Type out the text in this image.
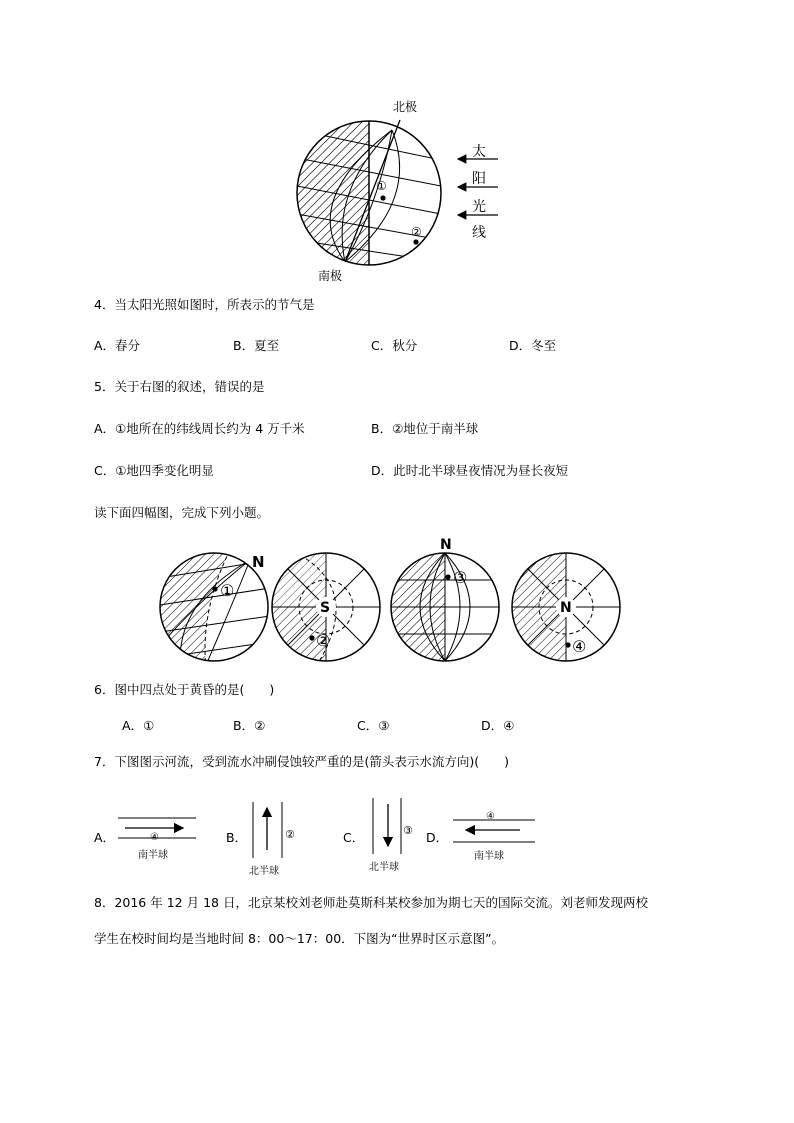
①
②
北极
南极
太
阳
光
线
4．当太阳光照如图时，所表示的节气是
A．春分	B．夏至	C．秋分	D．冬至
5．关于右图的叙述，错误的是
A．①地所在的纬线周长约为 4 万千米	B．②地位于南半球
C．①地四季变化明显	D．此时北半球昼夜情况为昼长夜短
读下面四幅图，完成下列小题。
①
N
S
②
③
N
N
④
6．图中四点处于黄昏的是(　　)
A．①	B．②	C．③	D．④
7．下图图示河流，受到流水冲刷侵蚀较严重的是(箭头表示水流方向)(　　)
A．	④
南半球
B．	②
北半球
C．	③
北半球
D．
④
南半球
8．2016 年 12 月 18 日，北京某校刘老师赴莫斯科某校参加为期七天的国际交流。刘老师发现两校
学生在校时间均是当地时间 8：00～17：00．下图为“世界时区示意图”。
